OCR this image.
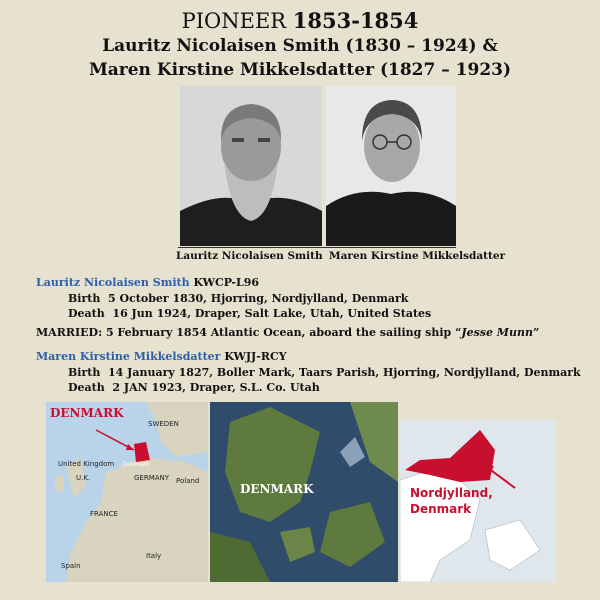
PIONEER 1853-1854
Lauritz Nicolaisen Smith (1830 – 1924) &
Maren Kirstine Mikkelsdatter (1827 – 1923)
Lauritz Nicolaisen Smith Maren Kirstine Mikkelsdatter
Lauritz Nicolaisen Smith KWCP-L96
Birth 5 October 1830, Hjorring, Nordjylland, Denmark
Death 16 Jun 1924, Draper, Salt Lake, Utah, United States
MARRIED: 5 February 1854 Atlantic Ocean, aboard the sailing ship “Jesse Munn”
Maren Kirstine Mikkelsdatter KWJJ-RCY
Birth 14 January 1827, Boller Mark, Taars Parish, Hjorring, Nordjylland, Denmark
Death 2 JAN 1923, Draper, S.L. Co. Utah
DENMARK
SWEDEN
United Kingdom
U.K.	GERMANY
FRANCE
Poland
Spain
Italy
Denmark
DENMARK	Nordjylland,
Denmark
